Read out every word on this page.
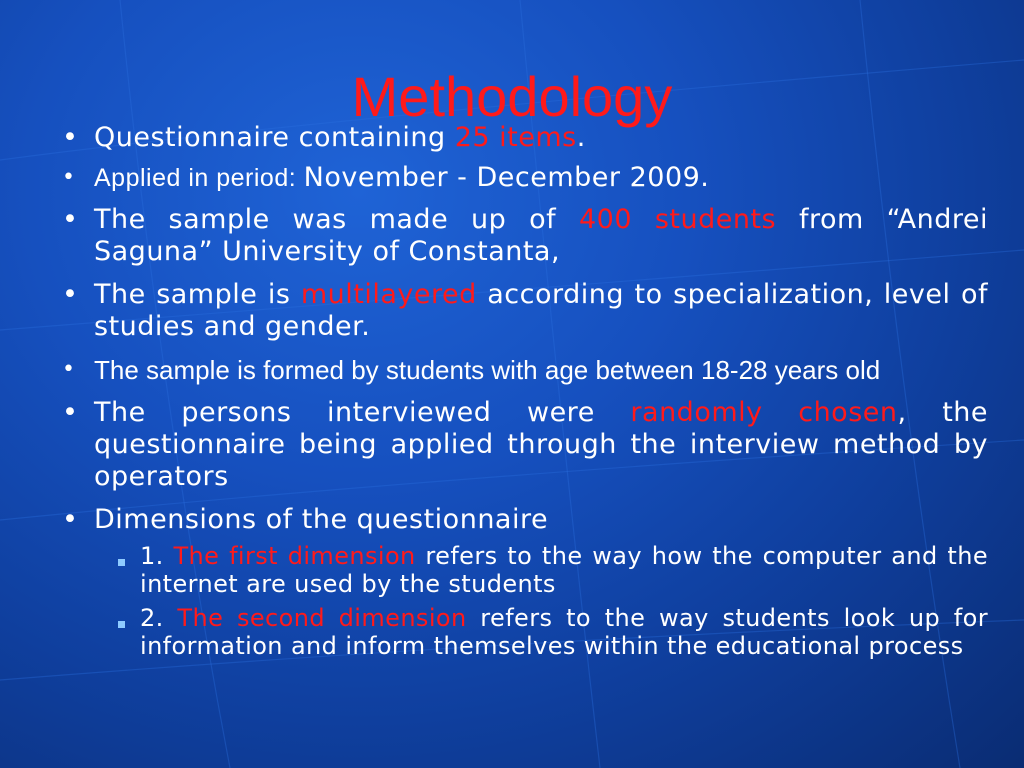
Methodology
• Questionnaire containing 25 items.
• Applied in period: November - December 2009.
• The sample was made up of 400 students from “Andrei Saguna” University of Constanta,
• The sample is multilayered according to specialization, level of studies and gender.
• The sample is formed by students with age between 18-28 years old
• The persons interviewed were randomly chosen, the questionnaire being applied through the interview method by operators
• Dimensions of the questionnaire
1. The first dimension refers to the way how the computer and the internet are used by the students
2. The second dimension refers to the way students look up for information and inform themselves within the educational process
